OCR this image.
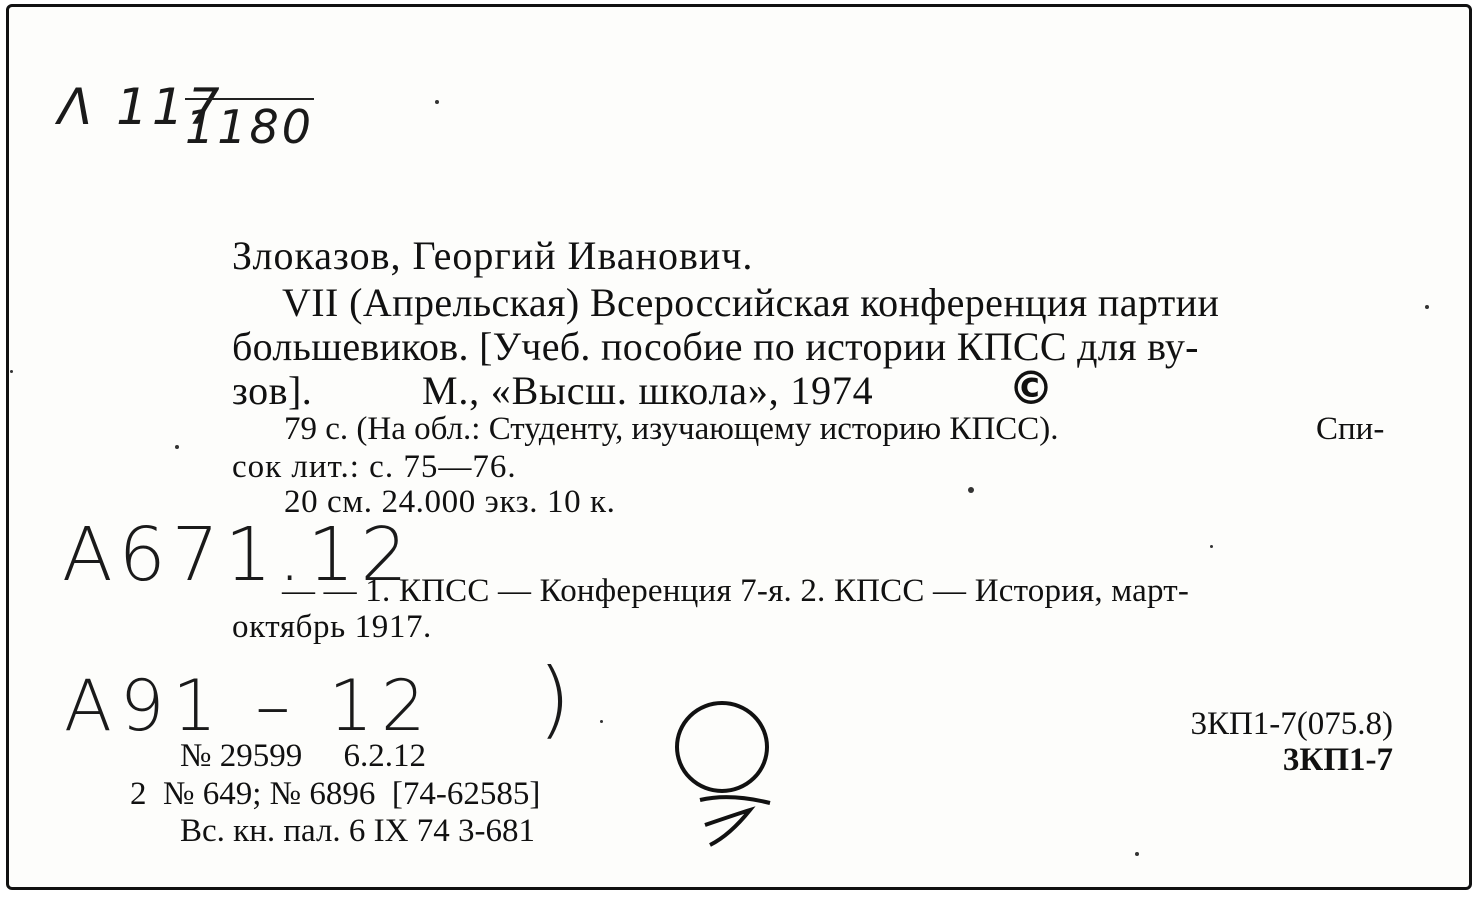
Λ 117
1180
Злоказов, Георгий Иванович.
VII (Апрельская) Всероссийская конференция партии
большевиков. [Учеб. пособие по истории КПСС для ву-
зов].	М., «Высш. школа», 1974	©
79 с. (На обл.: Студенту, изучающему историю КПСС).	Спи-
сок лит.: с. 75—76.
20 см. 24.000 экз. 10 к.
А671.12
— — 1. КПСС — Конференция 7-я. 2. КПСС — История, март-
октябрь 1917.
А91 – 12 )
№ 29599     6.2.12
2  № 649; № 6896  [74-62585]
Вс. кн. пал. 6 IX 74 3-681
3КП1-7(075.8)
3КП1-7
